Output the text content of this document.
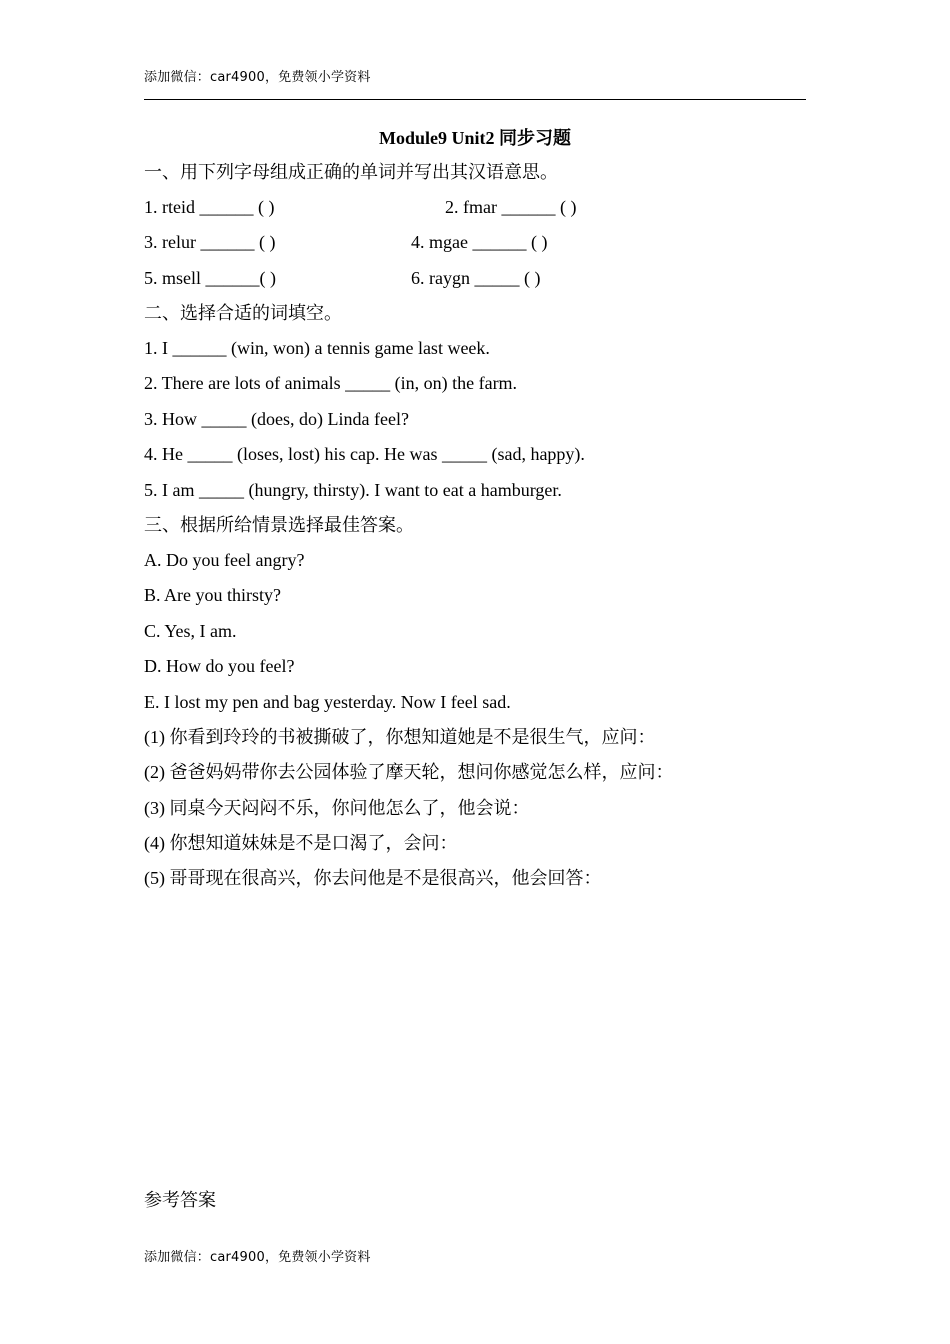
添加微信：car4900，免费领小学资料
Module9 Unit2 同步习题
一、用下列字母组成正确的单词并写出其汉语意思。
1. rteid ______ ( )	2. fmar ______ ( )
3. relur ______ ( )	4. mgae ______ ( )
5. msell ______( )	6. raygn _____ ( )
二、选择合适的词填空。
1. I ______ (win, won) a tennis game last week.
2. There are lots of animals _____ (in, on) the farm.
3. How _____ (does, do) Linda feel?
4. He _____ (loses, lost) his cap. He was _____ (sad, happy).
5. I am _____ (hungry, thirsty). I want to eat a hamburger.
三、根据所给情景选择最佳答案。
A. Do you feel angry?
B. Are you thirsty?
C. Yes, I am.
D. How do you feel?
E. I lost my pen and bag yesterday. Now I feel sad.
(1) 你看到玲玲的书被撕破了，你想知道她是不是很生气，应问：
(2) 爸爸妈妈带你去公园体验了摩天轮，想问你感觉怎么样，应问：
(3) 同桌今天闷闷不乐，你问他怎么了，他会说：
(4) 你想知道妹妹是不是口渴了，会问：
(5) 哥哥现在很高兴，你去问他是不是很高兴，他会回答：
参考答案
添加微信：car4900，免费领小学资料
